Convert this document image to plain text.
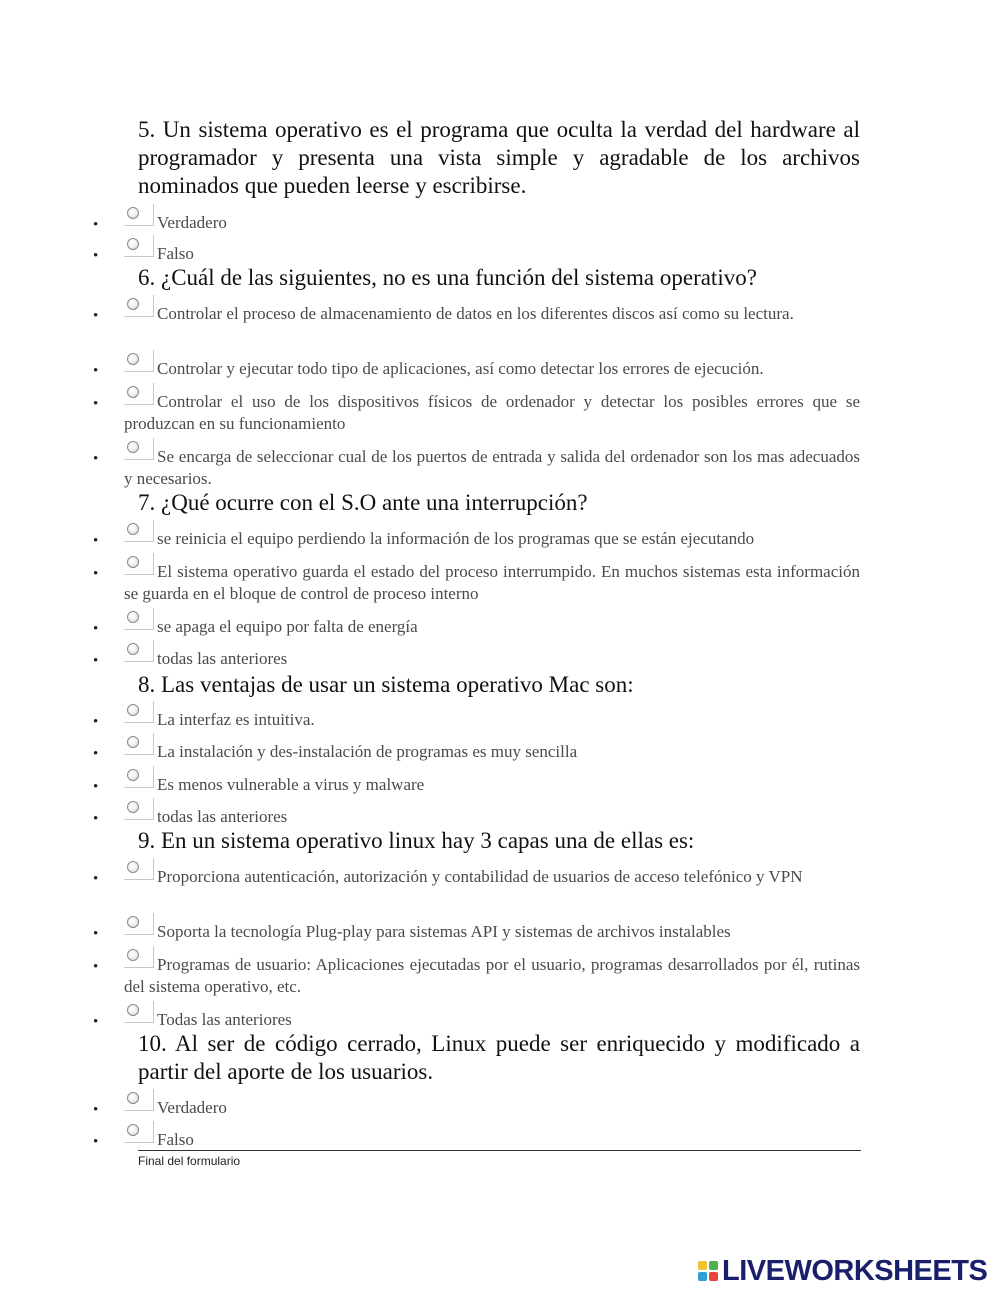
5. Un sistema operativo es el programa que oculta la verdad del hardware al programador y presenta una vista simple y agradable de los archivos nominados que pueden leerse y escribirse.
•	Verdadero
•	Falso
6. ¿Cuál de las siguientes, no es una función del sistema operativo?
•	Controlar el proceso de almacenamiento de datos en los diferentes discos así como su lectura.
•	Controlar y ejecutar todo tipo de aplicaciones, así como detectar los errores de ejecución.
•	Controlar el uso de los dispositivos físicos de ordenador y detectar los posibles errores que se produzcan en su funcionamiento
•	Se encarga de seleccionar cual de los puertos de entrada y salida del ordenador son los mas adecuados y necesarios.
7. ¿Qué ocurre con el S.O ante una interrupción?
•	se reinicia el equipo perdiendo la información de los programas que se están ejecutando
•	El sistema operativo guarda el estado del proceso interrumpido. En muchos sistemas esta información se guarda en el bloque de control de proceso interno
•	se apaga el equipo por falta de energía
•	todas las anteriores
8. Las ventajas de usar un sistema operativo Mac son:
•	La interfaz es intuitiva.
•	La instalación y des-instalación de programas es muy sencilla
•	Es menos vulnerable a virus y malware
•	todas las anteriores
9. En un sistema operativo linux hay 3 capas una de ellas es:
•	Proporciona autenticación, autorización y contabilidad de usuarios de acceso telefónico y VPN
•	Soporta la tecnología Plug-play para sistemas API y sistemas de archivos instalables
•	Programas de usuario: Aplicaciones ejecutadas por el usuario, programas desarrollados por él, rutinas del sistema operativo, etc.
•	Todas las anteriores
10. Al ser de código cerrado, Linux puede ser enriquecido y modificado a partir del aporte de los usuarios.
•	Verdadero
•	Falso
Final del formulario
LIVEWORKSHEETS
